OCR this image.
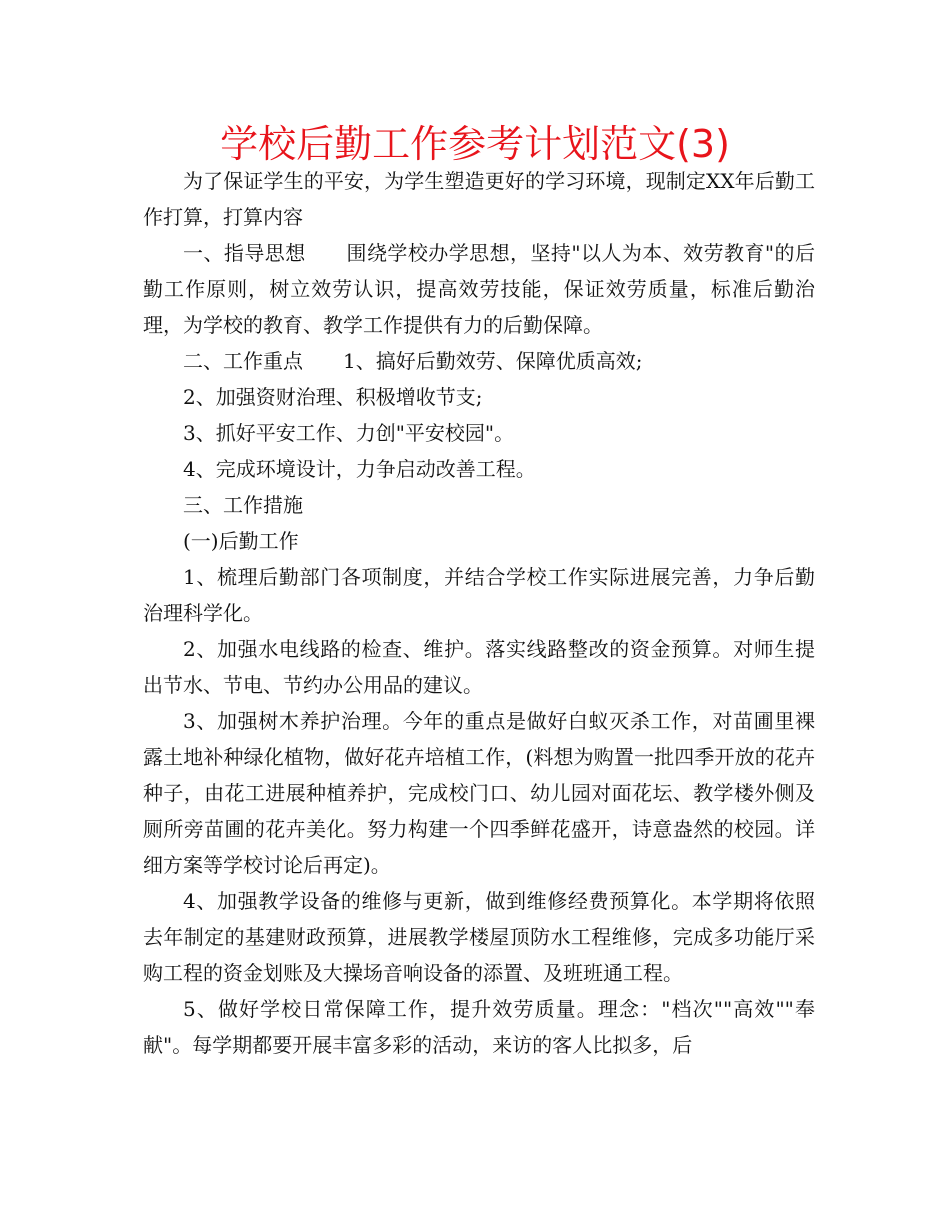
学校后勤工作参考计划范文(3)

为了保证学生的平安，为学生塑造更好的学习环境，现制定XX年后勤工作打算，打算内容

一、指导思想　　围绕学校办学思想，坚持"以人为本、效劳教育"的后勤工作原则，树立效劳认识，提高效劳技能，保证效劳质量，标准后勤治理，为学校的教育、教学工作提供有力的后勤保障。

二、工作重点　　1、搞好后勤效劳、保障优质高效;

2、加强资财治理、积极增收节支;

3、抓好平安工作、力创"平安校园"。

4、完成环境设计，力争启动改善工程。

三、工作措施

(一)后勤工作

1、梳理后勤部门各项制度，并结合学校工作实际进展完善，力争后勤治理科学化。

2、加强水电线路的检查、维护。落实线路整改的资金预算。对师生提出节水、节电、节约办公用品的建议。

3、加强树木养护治理。今年的重点是做好白蚁灭杀工作，对苗圃里裸露土地补种绿化植物，做好花卉培植工作，(料想为购置一批四季开放的花卉种子，由花工进展种植养护，完成校门口、幼儿园对面花坛、教学楼外侧及厕所旁苗圃的花卉美化。努力构建一个四季鲜花盛开，诗意盎然的校园。详细方案等学校讨论后再定)。

4、加强教学设备的维修与更新，做到维修经费预算化。本学期将依照去年制定的基建财政预算，进展教学楼屋顶防水工程维修，完成多功能厅采购工程的资金划账及大操场音响设备的添置、及班班通工程。

5、做好学校日常保障工作，提升效劳质量。理念："档次""高效""奉献"。每学期都要开展丰富多彩的活动，来访的客人比拟多，后
